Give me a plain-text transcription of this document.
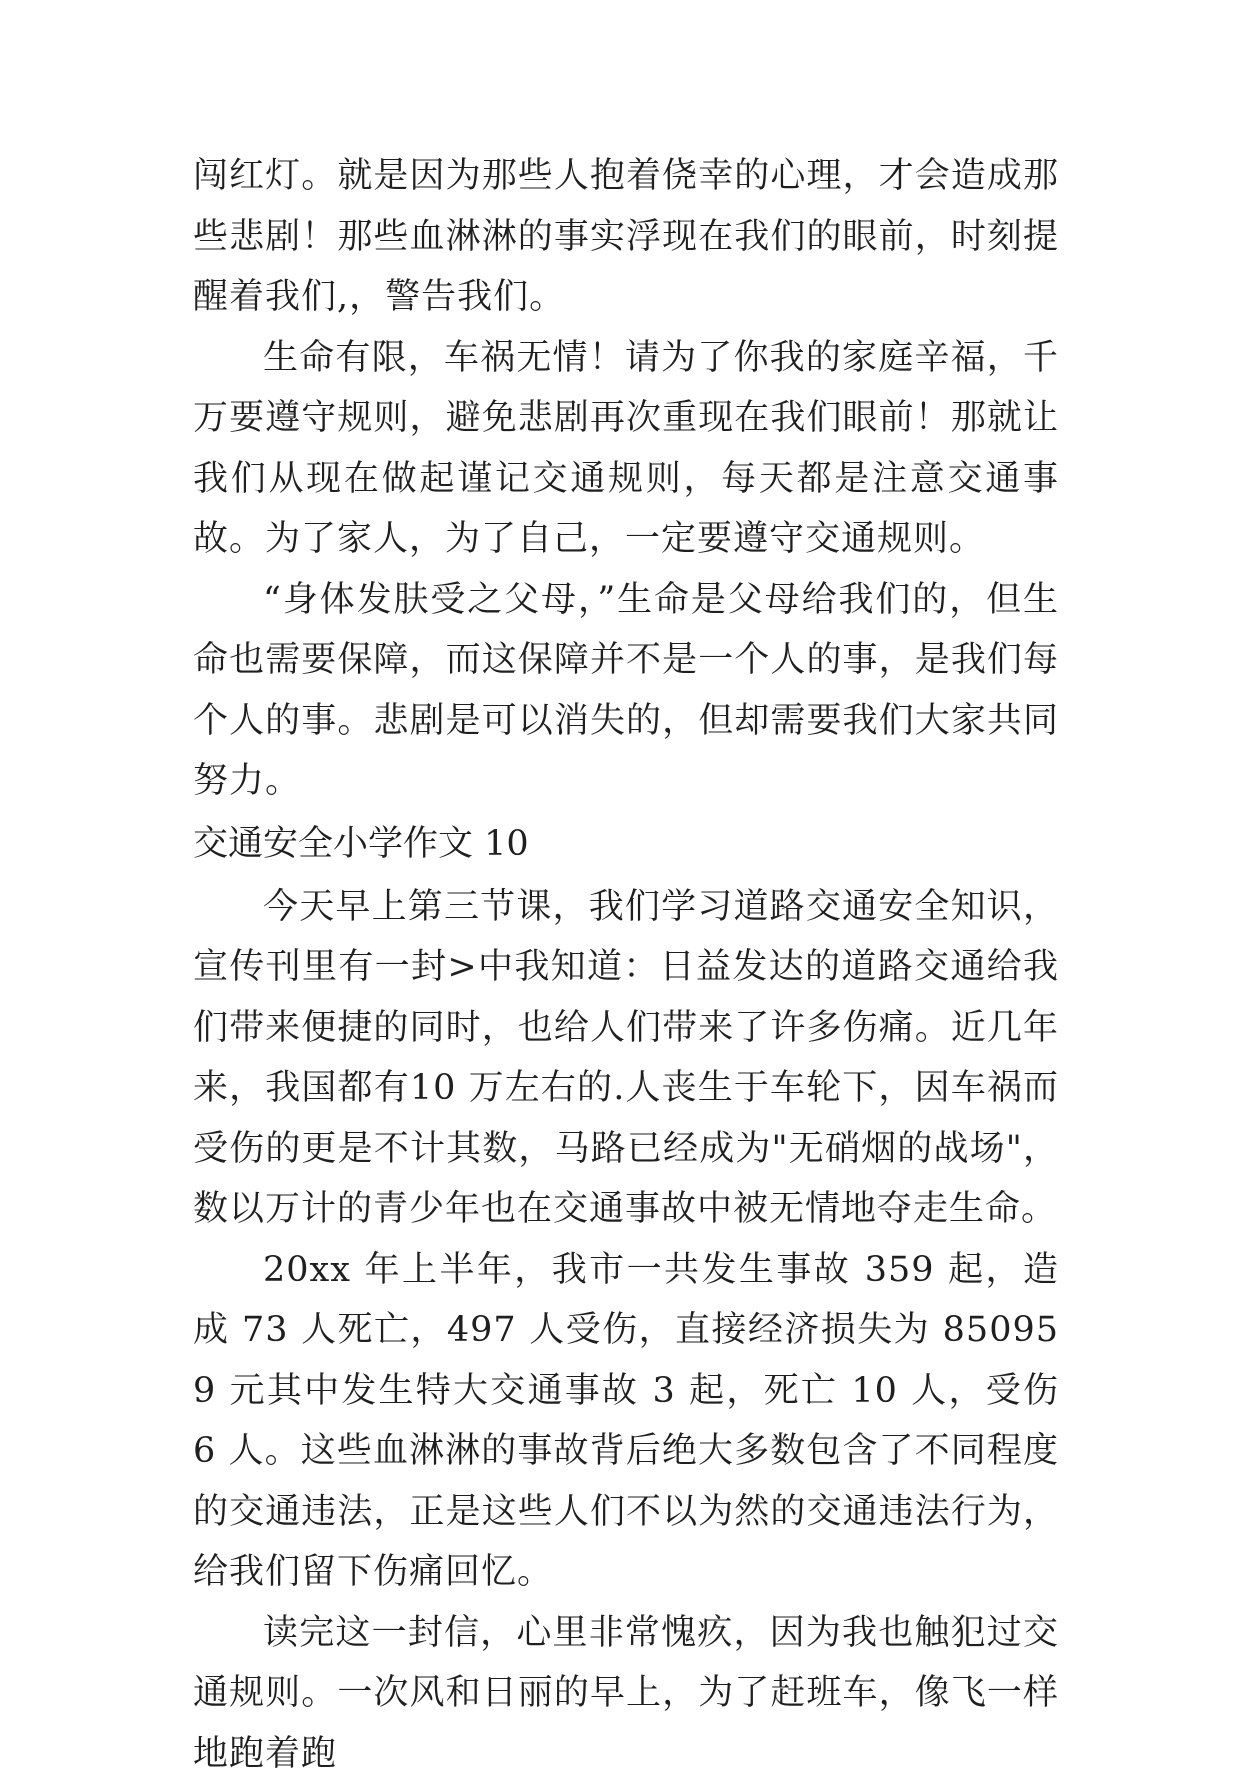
闯红灯。就是因为那些人抱着侥幸的心理，才会造成那些悲剧！那些血淋淋的事实浮现在我们的眼前，时刻提醒着我们,，警告我们。

生命有限，车祸无情！请为了你我的家庭辛福，千万要遵守规则，避免悲剧再次重现在我们眼前！那就让我们从现在做起谨记交通规则，每天都是注意交通事故。为了家人，为了自己，一定要遵守交通规则。

“身体发肤受之父母，”生命是父母给我们的，但生命也需要保障，而这保障并不是一个人的事，是我们每个人的事。悲剧是可以消失的，但却需要我们大家共同努力。

交通安全小学作文 10

今天早上第三节课，我们学习道路交通安全知识，宣传刊里有一封>中我知道：日益发达的道路交通给我们带来便捷的同时，也给人们带来了许多伤痛。近几年来，我国都有10 万左右的.人丧生于车轮下，因车祸而受伤的更是不计其数，马路已经成为"无硝烟的战场"，数以万计的青少年也在交通事故中被无情地夺走生命。

20xx 年上半年，我市一共发生事故 359 起，造成 73 人死亡，497 人受伤，直接经济损失为 850959 元其中发生特大交通事故 3 起，死亡 10 人，受伤 6 人。这些血淋淋的事故背后绝大多数包含了不同程度的交通违法，正是这些人们不以为然的交通违法行为，给我们留下伤痛回忆。

读完这一封信，心里非常愧疚，因为我也触犯过交通规则。一次风和日丽的早上，为了赶班车，像飞一样地跑着跑
